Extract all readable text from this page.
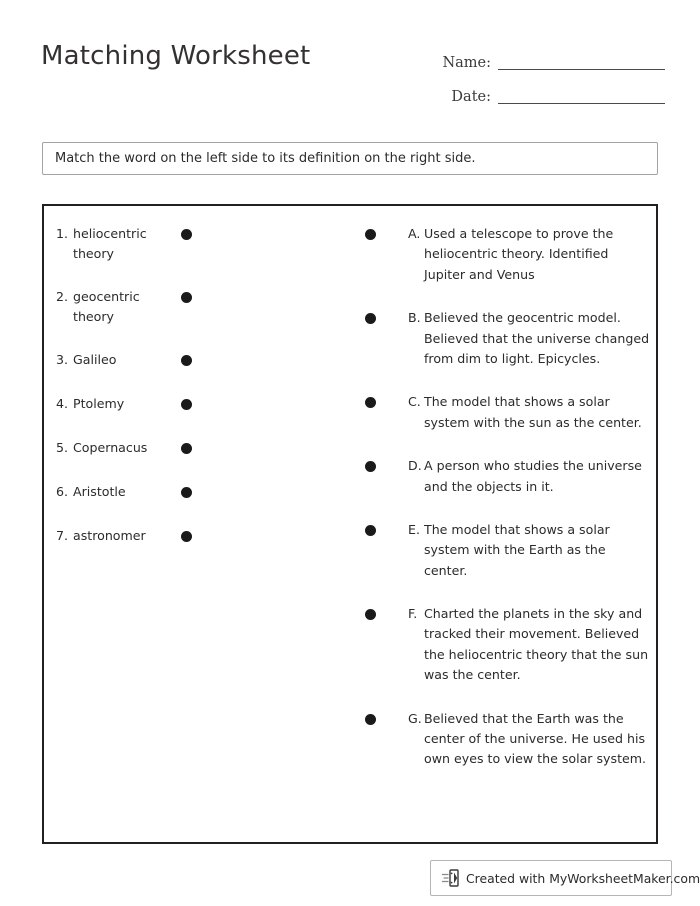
Matching Worksheet	Name:
Date:
Match the word on the left side to its definition on the right side.
1. heliocentric theory
2. geocentric theory
3. Galileo
4. Ptolemy
5. Copernacus
6. Aristotle
7. astronomer
A. Used a telescope to prove the heliocentric theory. Identified Jupiter and Venus
B. Believed the geocentric model. Believed that the universe changed from dim to light. Epicycles.
C. The model that shows a solar system with the sun as the center.
D. A person who studies the universe and the objects in it.
E. The model that shows a solar system with the Earth as the center.
F. Charted the planets in the sky and tracked their movement. Believed the heliocentric theory that the sun was the center.
G. Believed that the Earth was the center of the universe. He used his own eyes to view the solar system.
Created with MyWorksheetMaker.com
